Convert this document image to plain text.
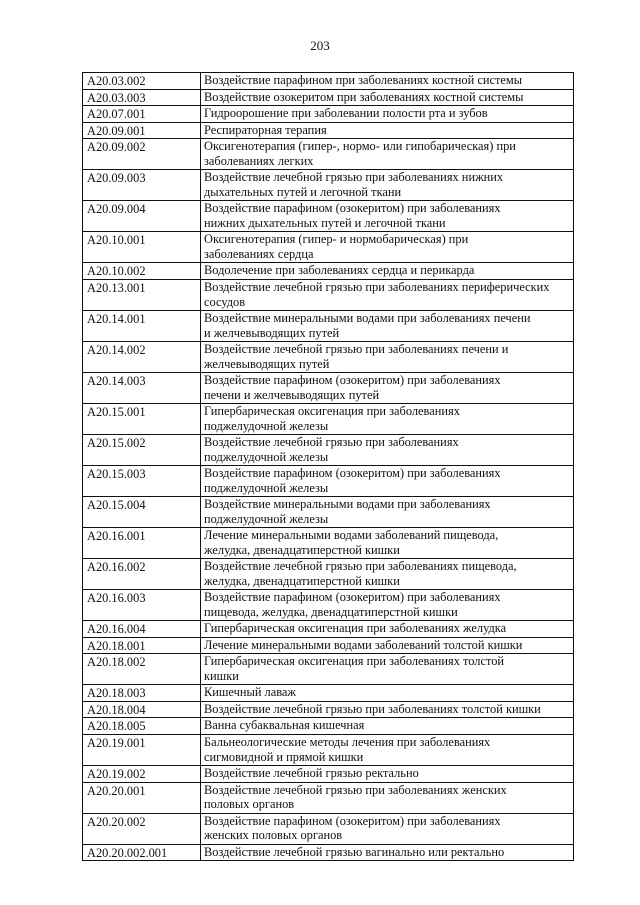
203
A20.03.002	Воздействие парафином при заболеваниях костной системы

A20.03.003	Воздействие озокеритом при заболеваниях костной системы

A20.07.001	Гидроорошение при заболевании полости рта и зубов

A20.09.001	Респираторная терапия

A20.09.002	Оксигенотерапия (гипер-, нормо- или гипобарическая) при
заболеваниях легких

A20.09.003	Воздействие лечебной грязью при заболеваниях нижних
дыхательных путей и легочной ткани

A20.09.004	Воздействие парафином (озокеритом) при заболеваниях
нижних дыхательных путей и легочной ткани

A20.10.001	Оксигенотерапия (гипер- и нормобарическая) при
заболеваниях сердца

A20.10.002	Водолечение при заболеваниях сердца и перикарда

A20.13.001	Воздействие лечебной грязью при заболеваниях периферических
сосудов

A20.14.001	Воздействие минеральными водами при заболеваниях печени
и желчевыводящих путей

A20.14.002	Воздействие лечебной грязью при заболеваниях печени и
желчевыводящих путей

A20.14.003	Воздействие парафином (озокеритом) при заболеваниях
печени и желчевыводящих путей

A20.15.001	Гипербарическая оксигенация при заболеваниях
поджелудочной железы

A20.15.002	Воздействие лечебной грязью при заболеваниях
поджелудочной железы

A20.15.003	Воздействие парафином (озокеритом) при заболеваниях
поджелудочной железы

A20.15.004	Воздействие минеральными водами при заболеваниях
поджелудочной железы

A20.16.001	Лечение минеральными водами заболеваний пищевода,
желудка, двенадцатиперстной кишки

A20.16.002	Воздействие лечебной грязью при заболеваниях пищевода,
желудка, двенадцатиперстной кишки

A20.16.003	Воздействие парафином (озокеритом) при заболеваниях
пищевода, желудка, двенадцатиперстной кишки

A20.16.004	Гипербарическая оксигенация при заболеваниях желудка

A20.18.001	Лечение минеральными водами заболеваний толстой кишки

A20.18.002	Гипербарическая оксигенация при заболеваниях толстой
кишки

A20.18.003	Кишечный лаваж

A20.18.004	Воздействие лечебной грязью при заболеваниях толстой кишки

A20.18.005	Ванна субаквальная кишечная

A20.19.001	Бальнеологические методы лечения при заболеваниях
сигмовидной и прямой кишки

A20.19.002	Воздействие лечебной грязью ректально

A20.20.001	Воздействие лечебной грязью при заболеваниях женских
половых органов

A20.20.002	Воздействие парафином (озокеритом) при заболеваниях
женских половых органов

A20.20.002.001	Воздействие лечебной грязью вагинально или ректально
